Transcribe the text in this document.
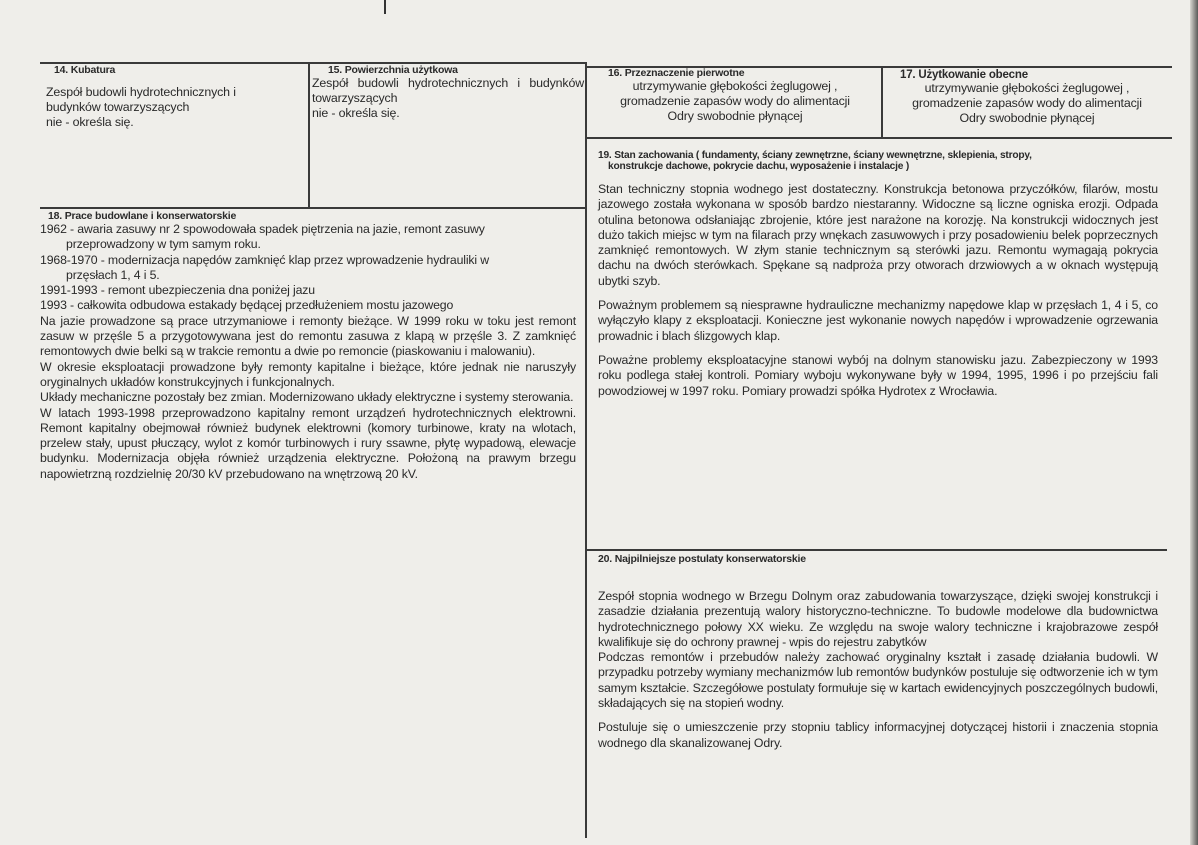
14. Kubatura

Zespół budowli hydrotechnicznych i

budynków towarzyszących

nie - określa się.

15. Powierzchnia użytkowa

Zespół budowli hydrotechnicznych i budynków towarzyszących

nie - określa się.

16. Przeznaczenie pierwotne

utrzymywanie głębokości żeglugowej ,

gromadzenie zapasów wody do alimentacji

Odry swobodnie płynącej

17. Użytkowanie obecne

utrzymywanie głębokości żeglugowej ,

gromadzenie zapasów wody do alimentacji

Odry swobodnie płynącej

18. Prace budowlane i konserwatorskie

1962 - awaria zasuwy nr 2 spowodowała spadek piętrzenia na jazie, remont zasuwy

przeprowadzony w tym samym roku.

1968-1970 - modernizacja napędów zamknięć klap przez wprowadzenie hydrauliki w

przęsłach 1, 4 i 5.

1991-1993 - remont ubezpieczenia dna poniżej jazu

1993 - całkowita odbudowa estakady będącej przedłużeniem mostu jazowego

Na jazie prowadzone są prace utrzymaniowe i remonty bieżące. W 1999 roku w toku jest remont zasuw w przęśle 5 a przygotowywana jest do remontu zasuwa z klapą w przęśle 3. Z zamknięć remontowych dwie belki są w trakcie remontu a dwie po remoncie (piaskowaniu i malowaniu).

W okresie eksploatacji prowadzone były remonty kapitalne i bieżące, które jednak nie naruszyły oryginalnych układów konstrukcyjnych i funkcjonalnych.

Układy mechaniczne pozostały bez zmian. Modernizowano układy elektryczne i systemy sterowania.

W latach 1993-1998 przeprowadzono kapitalny remont urządzeń hydrotechnicznych elektrowni. Remont kapitalny obejmował również budynek elektrowni (komory turbinowe, kraty na wlotach, przelew stały, upust płuczący, wylot z komór turbinowych i rury ssawne, płytę wypadową, elewacje budynku. Modernizacja objęła również urządzenia elektryczne. Położoną na prawym brzegu napowietrzną rozdzielnię 20/30 kV przebudowano na wnętrzową 20 kV.

19. Stan zachowania ( fundamenty, ściany zewnętrzne, ściany wewnętrzne, sklepienia, stropy,
konstrukcje dachowe, pokrycie dachu, wyposażenie i instalacje )

Stan techniczny stopnia wodnego jest dostateczny. Konstrukcja betonowa przyczółków, filarów, mostu jazowego została wykonana w sposób bardzo niestaranny. Widoczne są liczne ogniska erozji. Odpada otulina betonowa odsłaniając zbrojenie, które jest narażone na korozję. Na konstrukcji widocznych jest dużo takich miejsc w tym na filarach przy wnękach zasuwowych i przy posadowieniu belek poprzecznych zamknięć remontowych. W złym stanie technicznym są sterówki jazu. Remontu wymagają pokrycia dachu na dwóch sterówkach. Spękane są nadproża przy otworach drzwiowych a w oknach występują ubytki szyb.

Poważnym problemem są niesprawne hydrauliczne mechanizmy napędowe klap w przęsłach 1, 4 i 5, co wyłączyło klapy z eksploatacji. Konieczne jest wykonanie nowych napędów i wprowadzenie ogrzewania prowadnic i blach ślizgowych klap.

Poważne problemy eksploatacyjne stanowi wybój na dolnym stanowisku jazu. Zabezpieczony w 1993 roku podlega stałej kontroli. Pomiary wyboju wykonywane były w 1994, 1995, 1996 i po przejściu fali powodziowej w 1997 roku. Pomiary prowadzi spółka Hydrotex z Wrocławia.

20. Najpilniejsze postulaty konserwatorskie

Zespół stopnia wodnego w Brzegu Dolnym oraz zabudowania towarzyszące, dzięki swojej konstrukcji i zasadzie działania prezentują walory historyczno-techniczne. To budowle modelowe dla budownictwa hydrotechnicznego połowy XX wieku. Ze względu na swoje walory techniczne i krajobrazowe zespół kwalifikuje się do ochrony prawnej - wpis do rejestru zabytków

Podczas remontów i przebudów należy zachować oryginalny kształt i zasadę działania budowli. W przypadku potrzeby wymiany mechanizmów lub remontów budynków postuluje się odtworzenie ich w tym samym kształcie. Szczegółowe postulaty formułuje się w kartach ewidencyjnych poszczególnych budowli, składających się na stopień wodny.

Postuluje się o umieszczenie przy stopniu tablicy informacyjnej dotyczącej historii i znaczenia stopnia wodnego dla skanalizowanej Odry.
